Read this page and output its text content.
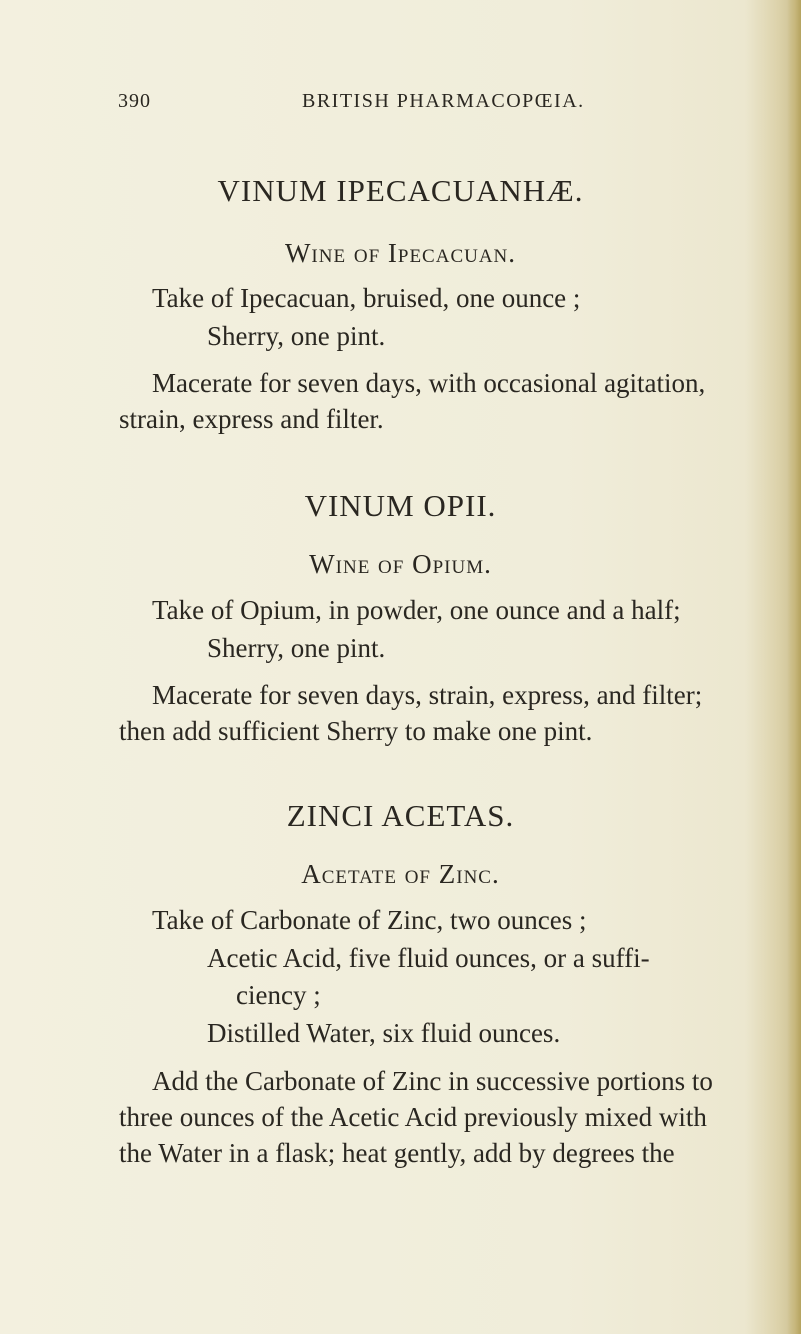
390	BRITISH PHARMACOPŒIA.
VINUM IPECACUANHÆ.
Wine of Ipecacuan.
Take of Ipecacuan, bruised, one ounce ;
Sherry, one pint.
Macerate for seven days, with occasional agitation,
strain, express and filter.
VINUM OPII.
Wine of Opium.
Take of Opium, in powder, one ounce and a half;
Sherry, one pint.
Macerate for seven days, strain, express, and filter;
then add sufficient Sherry to make one pint.
ZINCI ACETAS.
Acetate of Zinc.
Take of Carbonate of Zinc, two ounces ;
Acetic Acid, five fluid ounces, or a suffi-
ciency ;
Distilled Water, six fluid ounces.
Add the Carbonate of Zinc in successive portions to
three ounces of the Acetic Acid previously mixed with
the Water in a flask; heat gently, add by degrees the
